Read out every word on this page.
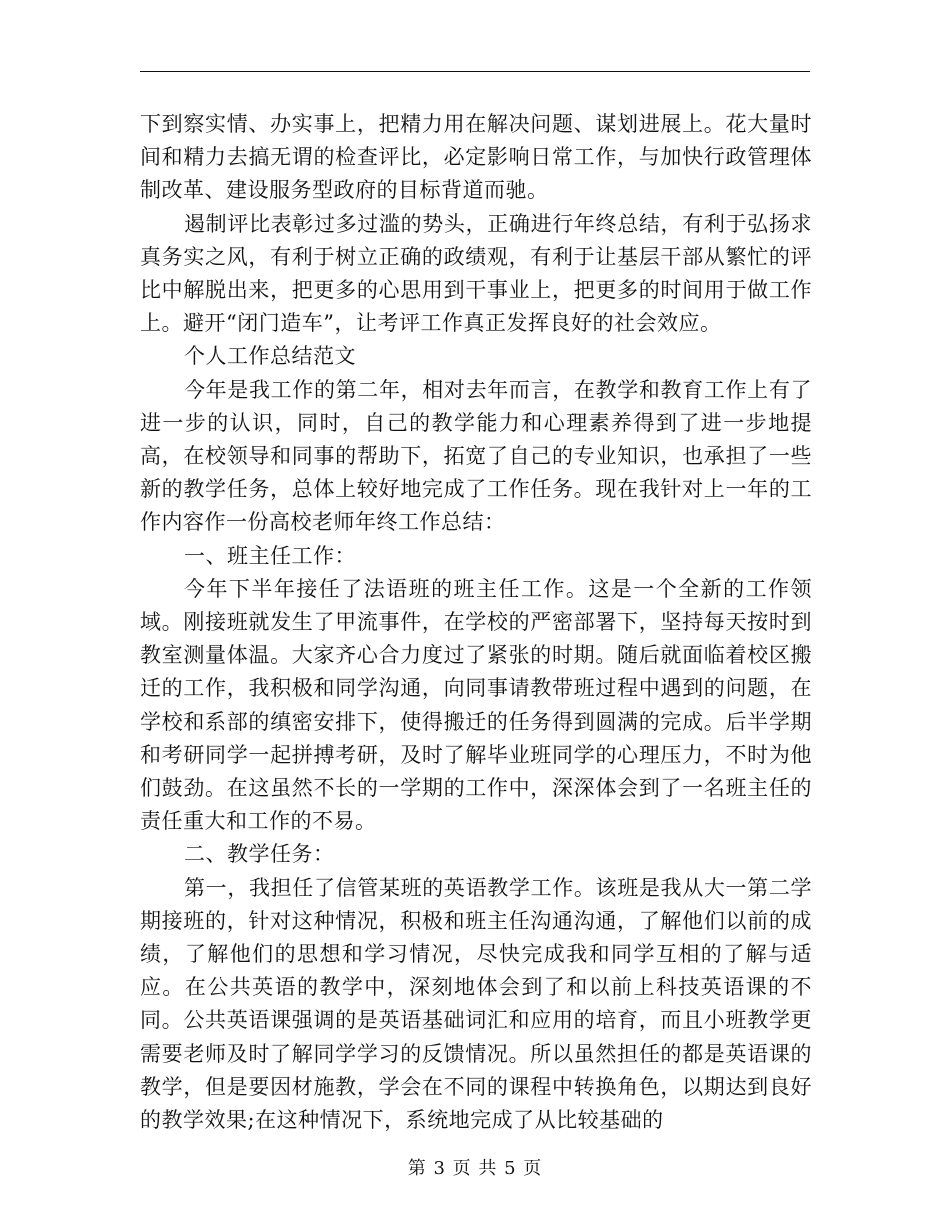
下到察实情、办实事上，把精力用在解决问题、谋划进展上。花大量时间和精力去搞无谓的检查评比，必定影响日常工作，与加快行政管理体制改革、建设服务型政府的目标背道而驰。

遏制评比表彰过多过滥的势头，正确进行年终总结，有利于弘扬求真务实之风，有利于树立正确的政绩观，有利于让基层干部从繁忙的评比中解脱出来，把更多的心思用到干事业上，把更多的时间用于做工作上。避开“闭门造车”，让考评工作真正发挥良好的社会效应。

个人工作总结范文

今年是我工作的第二年，相对去年而言，在教学和教育工作上有了进一步的认识，同时，自己的教学能力和心理素养得到了进一步地提高，在校领导和同事的帮助下，拓宽了自己的专业知识，也承担了一些新的教学任务，总体上较好地完成了工作任务。现在我针对上一年的工作内容作一份高校老师年终工作总结：

一、班主任工作：

今年下半年接任了法语班的班主任工作。这是一个全新的工作领域。刚接班就发生了甲流事件，在学校的严密部署下，坚持每天按时到教室测量体温。大家齐心合力度过了紧张的时期。随后就面临着校区搬迁的工作，我积极和同学沟通，向同事请教带班过程中遇到的问题，在学校和系部的缜密安排下，使得搬迁的任务得到圆满的完成。后半学期和考研同学一起拼搏考研，及时了解毕业班同学的心理压力，不时为他们鼓劲。在这虽然不长的一学期的工作中，深深体会到了一名班主任的责任重大和工作的不易。

二、教学任务：

第一，我担任了信管某班的英语教学工作。该班是我从大一第二学期接班的，针对这种情况，积极和班主任沟通沟通，了解他们以前的成绩，了解他们的思想和学习情况，尽快完成我和同学互相的了解与适应。在公共英语的教学中，深刻地体会到了和以前上科技英语课的不同。公共英语课强调的是英语基础词汇和应用的培育，而且小班教学更需要老师及时了解同学学习的反馈情况。所以虽然担任的都是英语课的教学，但是要因材施教，学会在不同的课程中转换角色，以期达到良好的教学效果;在这种情况下，系统地完成了从比较基础的

第 3 页 共 5 页
